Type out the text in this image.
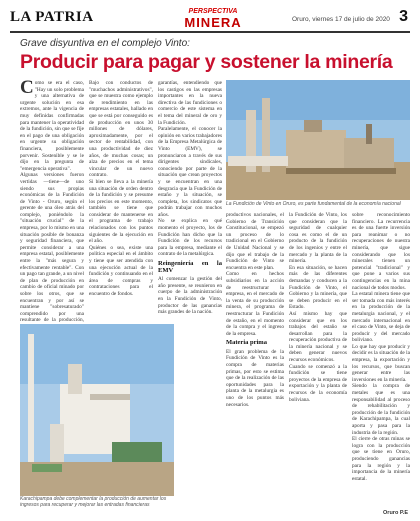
LA PATRIA	PERSPECTIVA
MINERA	Oruro, viernes 17 de julio de 2020 3
Grave disyuntiva en el complejo Vinto:
Producir para pagar y sostener la minería

Como se era el caso, "Hay un solo problema y una alternativa de urgente solución en esa extremos, ante la vigencia de muy definidas confirmadas para mantener la operatividad de la fundición, sin que se fije en el pago de una obligación en urgente su obligación financiera, posiblemente porvenir. Sostenible y se le dijo en la pregunta de "emergencia operativa".

Algunas versiones fueron vertidas —tiene—de uno siendo sus propias económicas de la Fundición de Vinto - Oruro, según el gerente de una óleo atrás del complejo, poniéndolo la "situación crucial" de la empresa, por lo mismo en una situación posible de bonanza y seguridad financiera, que permite considerar a una empresa estatal, posiblemente entre la "más segura y efectivamente rentable". Con un pago tan grande, a un nivel de plan de producción en cambio de oficial minado por sobre los otros, que se encuentran y por así se mantiene "sobresaturado" comprendido por una resultante de la producción,

Bajo con conductos de "muchachos administrativos", que se muestra como ejemplo de rendimiento en las empresas estatales, hallado en que se está por conseguido es de producción en unos 30 millones de dólares, aproximadamente, por el sector de rentabilidad, con una productividad de diez años, de muchas cosas; un alza de precios en el tema vincular de un nuevo contrato.

Si bien se lleva a la minería una situación de orden dentro de la fundición y se presume los precios en este momento, también se tiene que considerar de mantenerse en el programa de trabajo relacionados con los puntos siguientes de la ejecución en el año.

Quiénes o sea, existe una política especial en el ámbito y tiene que ser atendida con una ejecución actual de la fundición y continuando en el área de compras y contrataciones para el encuentro de fondos.

garantías, entendiendo que los castigos en las empresas importantes en la nueva directiva de las fundiciones o comercio de este sistema en el tema del mineral de oro y la Fundición.

Paralelamente, el conocer la opinión en varios trabajadores de la Empresa Metalúrgica de Vinto (EMV), se pronunciaron a través de sus dirigentes sindicales, conociendo por parte de la situación que crean proyectos y se encuentran en una desgracia que la Fundición de estaño y la situación, se completa, los sindicatos que podrán trabajar con muchos años.

No se explica en qué momento el proyecto, los de Fundición han dicho que la Fundición de los recursos para la empresa, mediante el contrato de la metalúrgica.

Reingeniería en la EMV

Al comenzar la gestión del año presente, se reunieron en cuerpo de la administración en la Fundición de Vinto, productor de las ganancias más grandes de la nación.

La Fundición de Vinto en Oruro, es parte fundamental de la economía nacional

productivos nacionales, el Gobierno de Transición Constitucional, se empezó un proceso de lo tradicional en el Gobierno de Unidad Nacional y se dijo que el trabajo de la Fundición de Vinto se encuentra en este plan.

Como en hechos subsidiarios en la acción de reestructurar la empresa, en el mercado de la venta de su producción minera, el programa de reestructurar la Fundición de estaño, en el momento de la compra y el ingreso de la empresa.

Materia prima

El gran problema de la Fundición de Vinto es la compra de materias primas, por esto se estima que de la realización de las oportunidades para la planta de la metalurgia es uno de los puntos más necesarios.

la Fundición de Vinto, los que consideran que la seguridad de cualquier cosa es como el de un producto de la fundición de los ingenios y entre el mercado y la planta de la minería.

En esa situación, se hacen más de las diferentes demandas y conducen a la Fundición de Vinto, el Gobierno y la minería, que se deben producir en el Estado.

Así mismo hay que considerar que en los trabajos del estaño se desarrollan para la recuperación productiva de la minería nacional y se deben generar nuevos recursos económicos.

Cuando se comenzó a la fundición se tiene proyectos de la empresa de exportación y la planta de recursos de la economía boliviana.

sobre reconocimiento financiero. La recurrencia es de una fuerte inversión para reanimar o no recuperaciones de nuestra minería, que sigue considerando que los minerales tienen un potencial "tradicional" y que pone a varios sus contingencias en la mina nacional de todos modos.

La estatal minera tiene que ser tomada con más interés en la producción de la metalurgia nacional, y el mercado internacional en el caso de Vinto, se deja de producir y del mercado boliviano.

Lo que hay que producir y decidir es la situación de la empresa, la exportación y los recursos, que buscan generar entre las inversiones en la minería.

Siendo la compra de metales que es una responsabilidad al proceso de rehabilitación y producción de la fundición de Karachipampa, la cual aporta y pasa para la industria de la región.

El cierre de otras minas se logra con la producción que se tiene en Oruro, produciendo ganancias para la región y la importancia de la minería estatal.

Karachipampa debe complementar la producción de aumentar los ingresos para recuperar y mejorar las entradas financieras
Oruro P.E
